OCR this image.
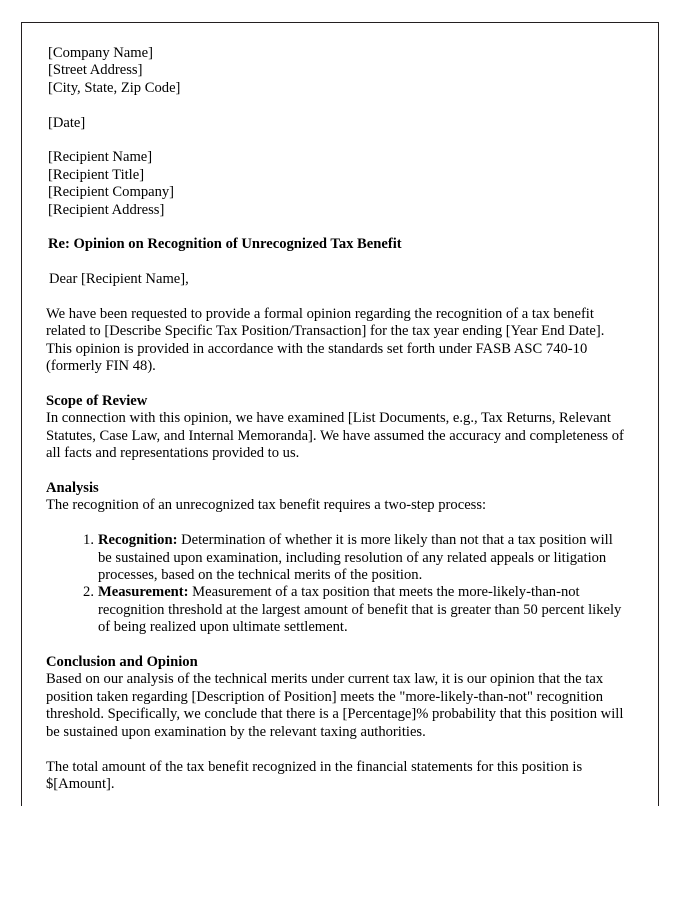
[Company Name]
[Street Address]
[City, State, Zip Code]
[Date]
[Recipient Name]
[Recipient Title]
[Recipient Company]
[Recipient Address]
Re: Opinion on Recognition of Unrecognized Tax Benefit
Dear [Recipient Name],

We have been requested to provide a formal opinion regarding the recognition of a tax benefit related to [Describe Specific Tax Position/Transaction] for the tax year ending [Year End Date]. This opinion is provided in accordance with the standards set forth under FASB ASC 740-10 (formerly FIN 48).

Scope of Review

In connection with this opinion, we have examined [List Documents, e.g., Tax Returns, Relevant Statutes, Case Law, and Internal Memoranda]. We have assumed the accuracy and completeness of all facts and representations provided to us.

Analysis

The recognition of an unrecognized tax benefit requires a two-step process:

Recognition: Determination of whether it is more likely than not that a tax position will be sustained upon examination, including resolution of any related appeals or litigation processes, based on the technical merits of the position.
Measurement: Measurement of a tax position that meets the more-likely-than-not recognition threshold at the largest amount of benefit that is greater than 50 percent likely of being realized upon ultimate settlement.
Conclusion and Opinion

Based on our analysis of the technical merits under current tax law, it is our opinion that the tax position taken regarding [Description of Position] meets the "more-likely-than-not" recognition threshold. Specifically, we conclude that there is a [Percentage]% probability that this position will be sustained upon examination by the relevant taxing authorities.

The total amount of the tax benefit recognized in the financial statements for this position is $[Amount].
